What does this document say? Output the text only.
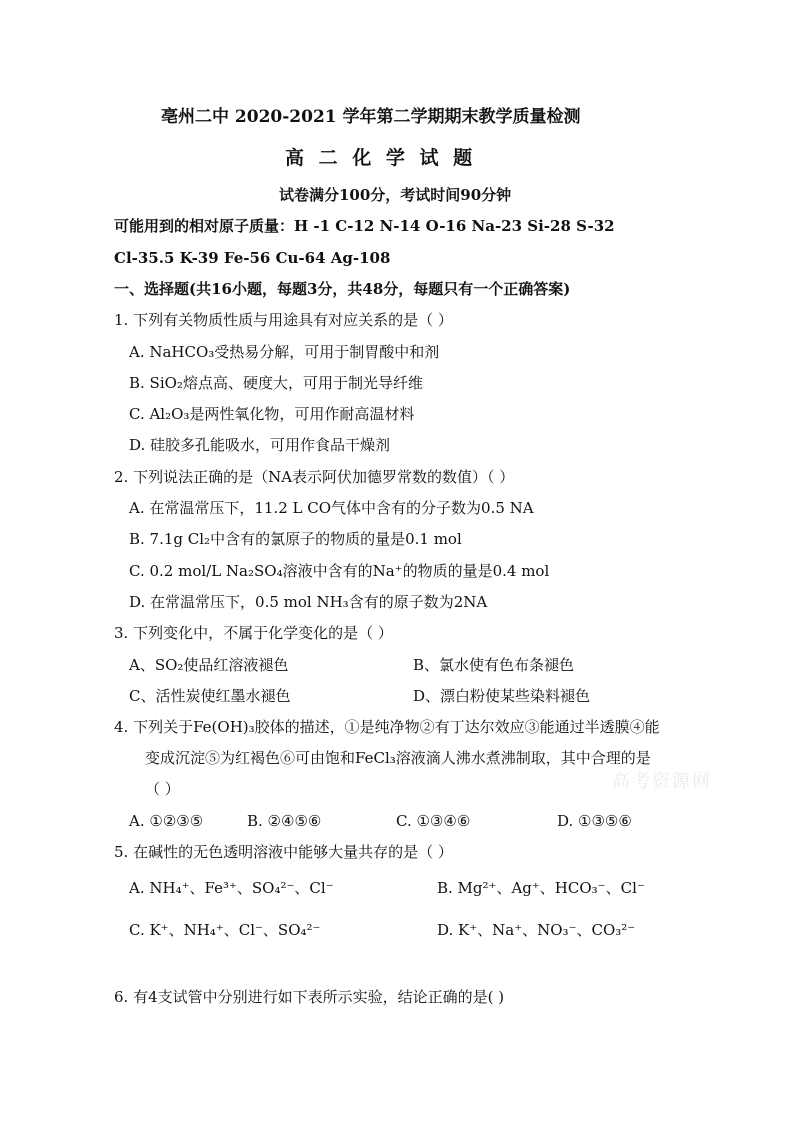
高考资源网
亳州二中 2020-2021 学年第二学期期末教学质量检测
高 二 化 学 试 题
试卷满分100分，考试时间90分钟
可能用到的相对原子质量：H -1 C-12 N-14 O-16 Na-23 Si-28 S-32
Cl-35.5 K-39 Fe-56 Cu-64 Ag-108
一、选择题(共16小题，每题3分，共48分，每题只有一个正确答案)
1. 下列有关物质性质与用途具有对应关系的是（ ）
A. NaHCO₃受热易分解，可用于制胃酸中和剂
B. SiO₂熔点高、硬度大，可用于制光导纤维
C. Al₂O₃是两性氧化物，可用作耐高温材料
D. 硅胶多孔能吸水，可用作食品干燥剂
2. 下列说法正确的是（NA表示阿伏加德罗常数的数值）（ ）
A. 在常温常压下，11.2 L CO气体中含有的分子数为0.5 NA
B. 7.1g Cl₂中含有的氯原子的物质的量是0.1 mol
C. 0.2 mol/L Na₂SO₄溶液中含有的Na⁺的物质的量是0.4 mol
D. 在常温常压下，0.5 mol NH₃含有的原子数为2NA
3. 下列变化中，不属于化学变化的是（ ）
A、SO₂使品红溶液褪色	B、氯水使有色布条褪色
C、活性炭使红墨水褪色	D、漂白粉使某些染料褪色
4. 下列关于Fe(OH)₃胶体的描述，①是纯净物②有丁达尔效应③能通过半透膜④能
变成沉淀⑤为红褐色⑥可由饱和FeCl₃溶液滴人沸水煮沸制取，其中合理的是
（ ）
A. ①②③⑤	B. ②④⑤⑥	C. ①③④⑥	D. ①③⑤⑥
5. 在碱性的无色透明溶液中能够大量共存的是（ ）
A. NH₄⁺、Fe³⁺、SO₄²⁻、Cl⁻	B. Mg²⁺、Ag⁺、HCO₃⁻、Cl⁻
C. K⁺、NH₄⁺、Cl⁻、SO₄²⁻	D. K⁺、Na⁺、NO₃⁻、CO₃²⁻
6. 有4支试管中分别进行如下表所示实验，结论正确的是( )
